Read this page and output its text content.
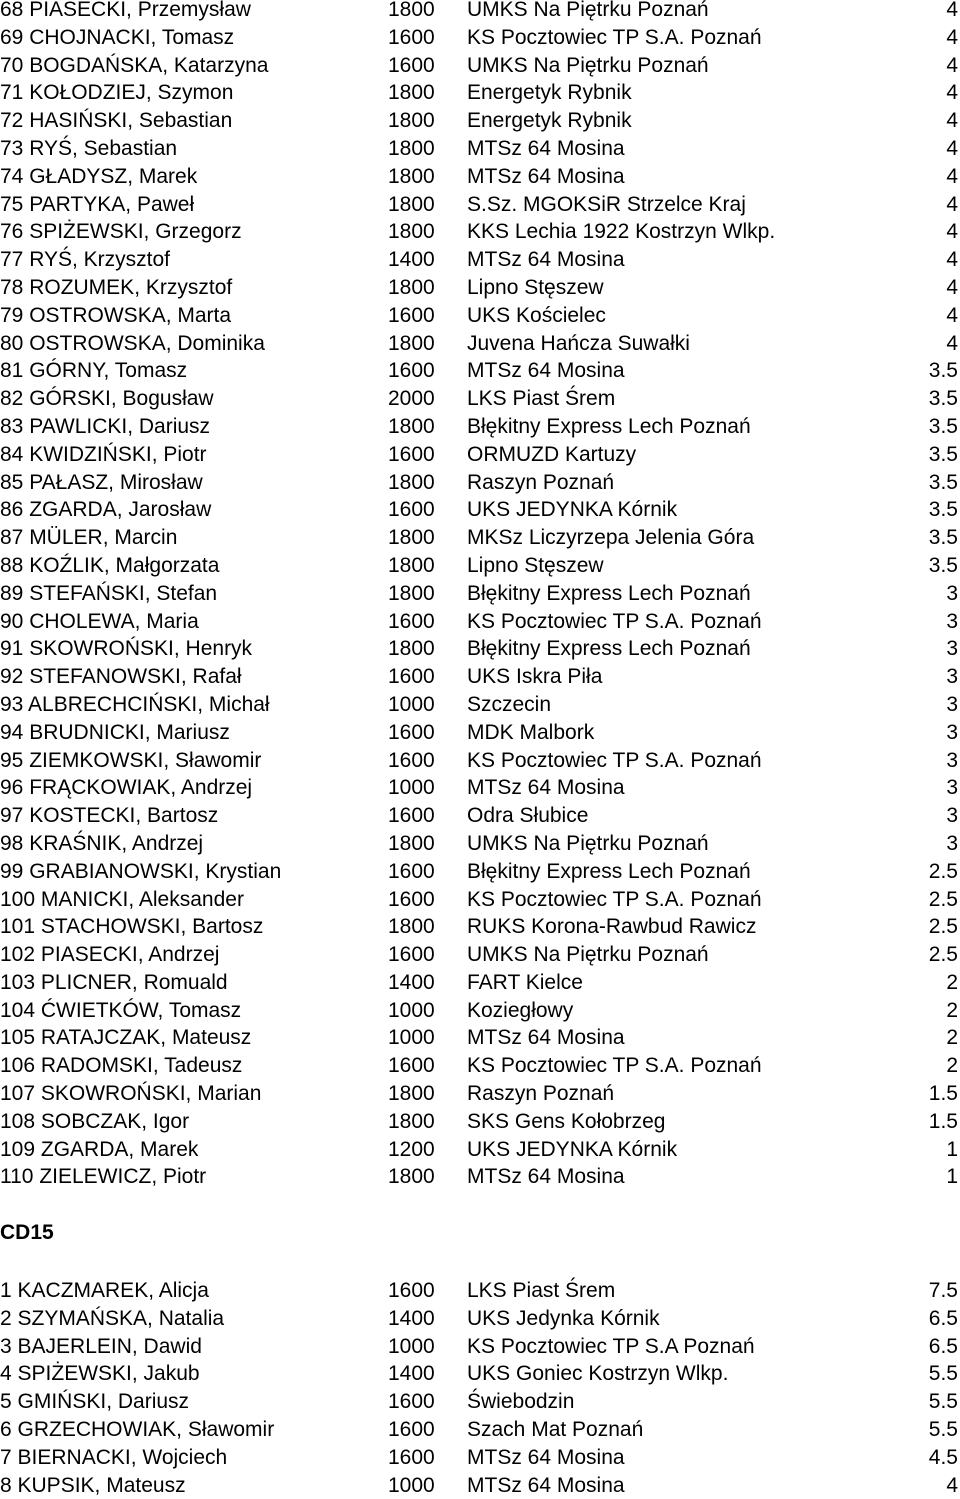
68 PIASECKI, Przemysław	1800 UMKS Na Piętrku Poznań	4
69 CHOJNACKI, Tomasz	1600 KS Pocztowiec TP S.A. Poznań	4
70 BOGDAŃSKA, Katarzyna	1600 UMKS Na Piętrku Poznań	4
71 KOŁODZIEJ, Szymon	1800 Energetyk Rybnik	4
72 HASIŃSKI, Sebastian	1800 Energetyk Rybnik	4
73 RYŚ, Sebastian	1800 MTSz 64 Mosina	4
74 GŁADYSZ, Marek	1800 MTSz 64 Mosina	4
75 PARTYKA, Paweł	1800 S.Sz. MGOKSiR Strzelce Kraj	4
76 SPIŻEWSKI, Grzegorz	1800 KKS Lechia 1922 Kostrzyn Wlkp.	4
77 RYŚ, Krzysztof	1400 MTSz 64 Mosina	4
78 ROZUMEK, Krzysztof	1800 Lipno Stęszew	4
79 OSTROWSKA, Marta	1600 UKS Kościelec	4
80 OSTROWSKA, Dominika	1800 Juvena Hańcza Suwałki	4
81 GÓRNY, Tomasz	1600 MTSz 64 Mosina	3.5
82 GÓRSKI, Bogusław	2000 LKS Piast Śrem	3.5
83 PAWLICKI, Dariusz	1800 Błękitny Express Lech Poznań	3.5
84 KWIDZIŃSKI, Piotr	1600 ORMUZD Kartuzy	3.5
85 PAŁASZ, Mirosław	1800 Raszyn Poznań	3.5
86 ZGARDA, Jarosław	1600 UKS JEDYNKA Kórnik	3.5
87 MÜLER, Marcin	1800 MKSz Liczyrzepa Jelenia Góra	3.5
88 KOŹLIK, Małgorzata	1800 Lipno Stęszew	3.5
89 STEFAŃSKI, Stefan	1800 Błękitny Express Lech Poznań	3
90 CHOLEWA, Maria	1600 KS Pocztowiec TP S.A. Poznań	3
91 SKOWROŃSKI, Henryk	1800 Błękitny Express Lech Poznań	3
92 STEFANOWSKI, Rafał	1600 UKS Iskra Piła	3
93 ALBRECHCIŃSKI, Michał	1000 Szczecin	3
94 BRUDNICKI, Mariusz	1600 MDK Malbork	3
95 ZIEMKOWSKI, Sławomir	1600 KS Pocztowiec TP S.A. Poznań	3
96 FRĄCKOWIAK, Andrzej	1000 MTSz 64 Mosina	3
97 KOSTECKI, Bartosz	1600 Odra Słubice	3
98 KRAŚNIK, Andrzej	1800 UMKS Na Piętrku Poznań	3
99 GRABIANOWSKI, Krystian	1600 Błękitny Express Lech Poznań	2.5
100 MANICKI, Aleksander	1600 KS Pocztowiec TP S.A. Poznań	2.5
101 STACHOWSKI, Bartosz	1800 RUKS Korona-Rawbud Rawicz	2.5
102 PIASECKI, Andrzej	1600 UMKS Na Piętrku Poznań	2.5
103 PLICNER, Romuald	1400 FART Kielce	2
104 ĆWIETKÓW, Tomasz	1000 Koziegłowy	2
105 RATAJCZAK, Mateusz	1000 MTSz 64 Mosina	2
106 RADOMSKI, Tadeusz	1600 KS Pocztowiec TP S.A. Poznań	2
107 SKOWROŃSKI, Marian	1800 Raszyn Poznań	1.5
108 SOBCZAK, Igor	1800 SKS Gens Kołobrzeg	1.5
109 ZGARDA, Marek	1200 UKS JEDYNKA Kórnik	1
110 ZIELEWICZ, Piotr	1800 MTSz 64 Mosina	1
CD15
1 KACZMAREK, Alicja	1600 LKS Piast Śrem	7.5
2 SZYMAŃSKA, Natalia	1400 UKS Jedynka Kórnik	6.5
3 BAJERLEIN, Dawid	1000 KS Pocztowiec TP S.A Poznań	6.5
4 SPIŻEWSKI, Jakub	1400 UKS Goniec Kostrzyn Wlkp.	5.5
5 GMIŃSKI, Dariusz	1600 Świebodzin	5.5
6 GRZECHOWIAK, Sławomir	1600 Szach Mat Poznań	5.5
7 BIERNACKI, Wojciech	1600 MTSz 64 Mosina	4.5
8 KUPSIK, Mateusz	1000 MTSz 64 Mosina	4
